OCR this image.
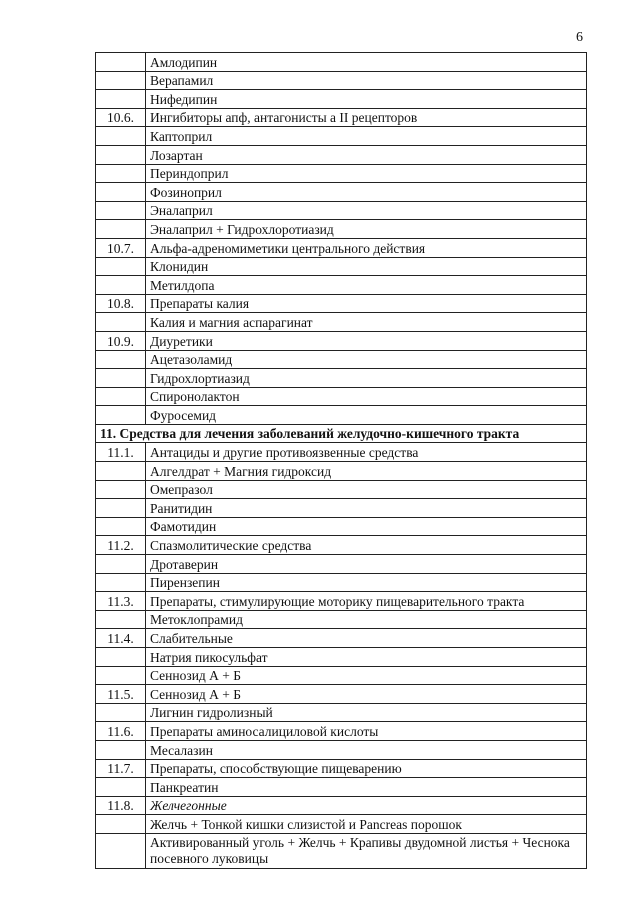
6
	Амлодипин
	Верапамил
	Нифедипин
10.6.	Ингибиторы апф, антагонисты а II рецепторов
	Каптоприл
	Лозартан
	Периндоприл
	Фозиноприл
	Эналаприл
	Эналаприл + Гидрохлоротиазид
10.7.	Альфа-адреномиметики центрального действия
	Клонидин
	Метилдопа
10.8.	Препараты калия
	Калия и магния аспарагинат
10.9.	Диуретики
	Ацетазоламид
	Гидрохлортиазид
	Спиронолактон
	Фуросемид
11. Средства для лечения заболеваний желудочно-кишечного тракта	
11.1.	Антациды и другие противоязвенные средства
	Алгелдрат + Магния гидроксид
	Омепразол
	Ранитидин
	Фамотидин
11.2.	Спазмолитические средства
	Дротаверин
	Пирензепин
11.3.	Препараты, стимулирующие моторику пищеварительного тракта
	Метоклопрамид
11.4.	Слабительные
	Натрия пикосульфат
	Сеннозид А + Б
11.5.	Сеннозид А + Б
	Лигнин гидролизный
11.6.	Препараты аминосалициловой кислоты
	Месалазин
11.7.	Препараты, способствующие пищеварению
	Панкреатин
11.8.	Желчегонные
	Желчь + Тонкой кишки слизистой и Pancreas порошок
	Активированный уголь + Желчь + Крапивы двудомной листья + Чеснока посевного луковицы
